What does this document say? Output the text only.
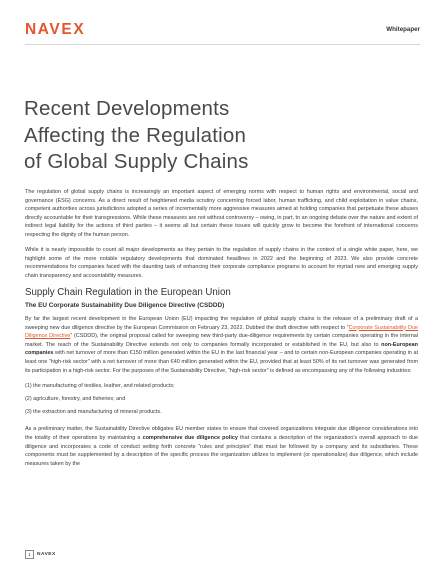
NAVEX	Whitepaper
Recent Developments
Affecting the Regulation
of Global Supply Chains

The regulation of global supply chains is increasingly an important aspect of emerging norms with respect to human rights and environmental, social and governance (ESG) concerns. As a direct result of heightened media scrutiny concerning forced labor, human trafficking, and child exploitation in value chains, competent authorities across jurisdictions adopted a series of incrementally more aggressive measures aimed at holding companies that perpetuate these abuses directly accountable for their transgressions. While these measures are not without controversy – owing, in part, to an ongoing debate over the nature and extent of indirect legal liability for the actions of third parties – it seems all but certain these issues will quickly grow to become the forefront of international concerns respecting the dignity of the human person.

While it is nearly impossible to count all major developments as they pertain to the regulation of supply chains in the context of a single white paper, here, we highlight some of the more notable regulatory developments that dominated headlines in 2022 and the beginning of 2023. We also provide concrete recommendations for companies faced with the daunting task of enhancing their corporate compliance programs to account for myriad new and emerging supply chain transparency and accountability measures.

Supply Chain Regulation in the European Union
The EU Corporate Sustainability Due Diligence Directive (CSDDD)

By far the largest recent development in the European Union (EU) impacting the regulation of global supply chains is the release of a preliminary draft of a sweeping new due diligence directive by the European Commission on February 23, 2022. Dubbed the draft directive with respect to “Corporate Sustainability Due Diligence Directive” (CSDDD), the original proposal called for sweeping new third-party due-diligence requirements by certain companies operating in the internal market. The reach of the Sustainability Directive extends not only to companies formally incorporated or established in the EU, but also to non-European companies with net turnover of more than €150 million generated within the EU in the last financial year – and to certain non-European companies operating in at least one “high-risk sector” with a net turnover of more than €40 million generated within the EU, provided that at least 50% of its net turnover was generated from its participation in a high-risk sector. For the purposes of the Sustainability Directive, “high-risk sector” is defined as encompassing any of the following industries:

(1) the manufacturing of textiles, leather, and related products;
(2) agriculture, forestry, and fisheries; and
(3) the extraction and manufacturing of mineral products.

As a preliminary matter, the Sustainability Directive obligates EU member states to ensure that covered organizations integrate due diligence considerations into the totality of their operations by maintaining a comprehensive due diligence policy that contains a description of the organization's overall approach to due diligence and incorporates a code of conduct setting forth concrete “rules and principles” that must be followed by a company and its subsidiaries. These components must be supplemented by a description of the specific process the organization utilizes to implement (or operationalize) due diligence, which include measures taken by the

1	NAVEX
